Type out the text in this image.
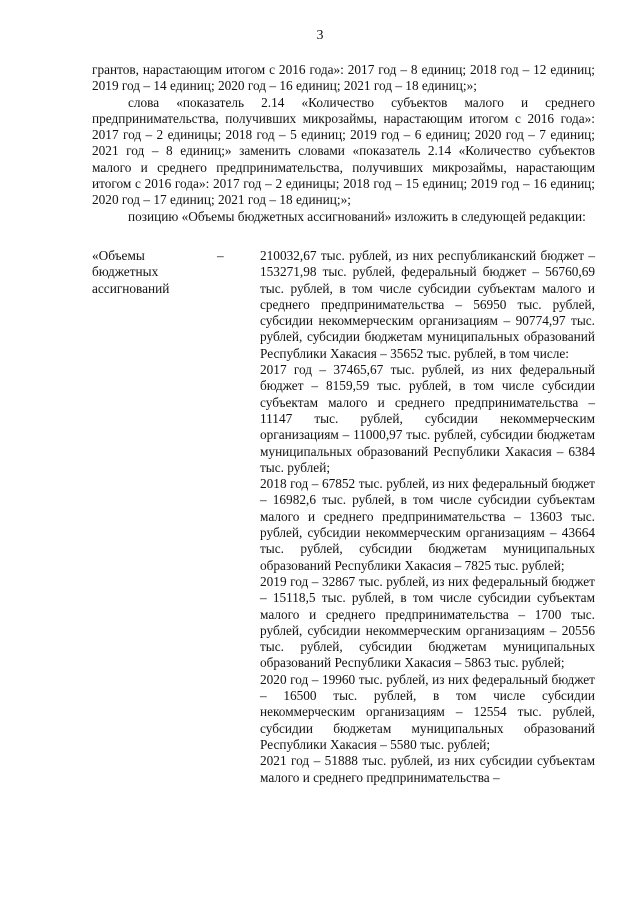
3

грантов, нарастающим итогом с 2016 года»: 2017 год – 8 единиц; 2018 год – 12 единиц; 2019 год – 14 единиц; 2020 год – 16 единиц; 2021 год – 18 единиц;»;

слова «показатель 2.14 «Количество субъектов малого и среднего предпринимательства, получивших микрозаймы, нарастающим итогом с 2016 года»: 2017 год – 2 единицы; 2018 год – 5 единиц; 2019 год – 6 единиц; 2020 год – 7 единиц; 2021 год – 8 единиц;» заменить словами «показатель 2.14 «Количество субъектов малого и среднего предпринимательства, получивших микрозаймы, нарастающим итогом с 2016 года»: 2017 год – 2 единицы; 2018 год – 15 единиц; 2019 год – 16 единиц; 2020 год – 17 единиц; 2021 год – 18 единиц;»;

позицию «Объемы бюджетных ассигнований» изложить в следующей редакции:

«Объемы
бюджетных
ассигнований
–	210032,67 тыс. рублей, из них республиканский бюджет – 153271,98 тыс. рублей, федеральный бюджет – 56760,69 тыс. рублей, в том числе субсидии субъектам малого и среднего предпринимательства – 56950 тыс. рублей, субсидии некоммерческим организациям – 90774,97 тыс. рублей, субсидии бюджетам муниципальных образований Республики Хакасия – 35652 тыс. рублей, в том числе:

2017 год – 37465,67 тыс. рублей, из них федеральный бюджет – 8159,59 тыс. рублей, в том числе субсидии субъектам малого и среднего предпринимательства – 11147 тыс. рублей, субсидии некоммерческим организациям – 11000,97 тыс. рублей, субсидии бюджетам муниципальных образований Республики Хакасия – 6384 тыс. рублей;

2018 год – 67852 тыс. рублей, из них федеральный бюджет – 16982,6 тыс. рублей, в том числе субсидии субъектам малого и среднего предпринимательства – 13603 тыс. рублей, субсидии некоммерческим организациям – 43664 тыс. рублей, субсидии бюджетам муниципальных образований Республики Хакасия – 7825 тыс. рублей;

2019 год – 32867 тыс. рублей, из них федеральный бюджет – 15118,5 тыс. рублей, в том числе субсидии субъектам малого и среднего предпринимательства – 1700 тыс. рублей, субсидии некоммерческим организациям – 20556 тыс. рублей, субсидии бюджетам муниципальных образований Республики Хакасия – 5863 тыс. рублей;

2020 год – 19960 тыс. рублей, из них федеральный бюджет – 16500 тыс. рублей, в том числе субсидии некоммерческим организациям – 12554 тыс. рублей, субсидии бюджетам муниципальных образований Республики Хакасия – 5580 тыс. рублей;

2021 год – 51888 тыс. рублей, из них субсидии субъектам малого и среднего предпринимательства –
